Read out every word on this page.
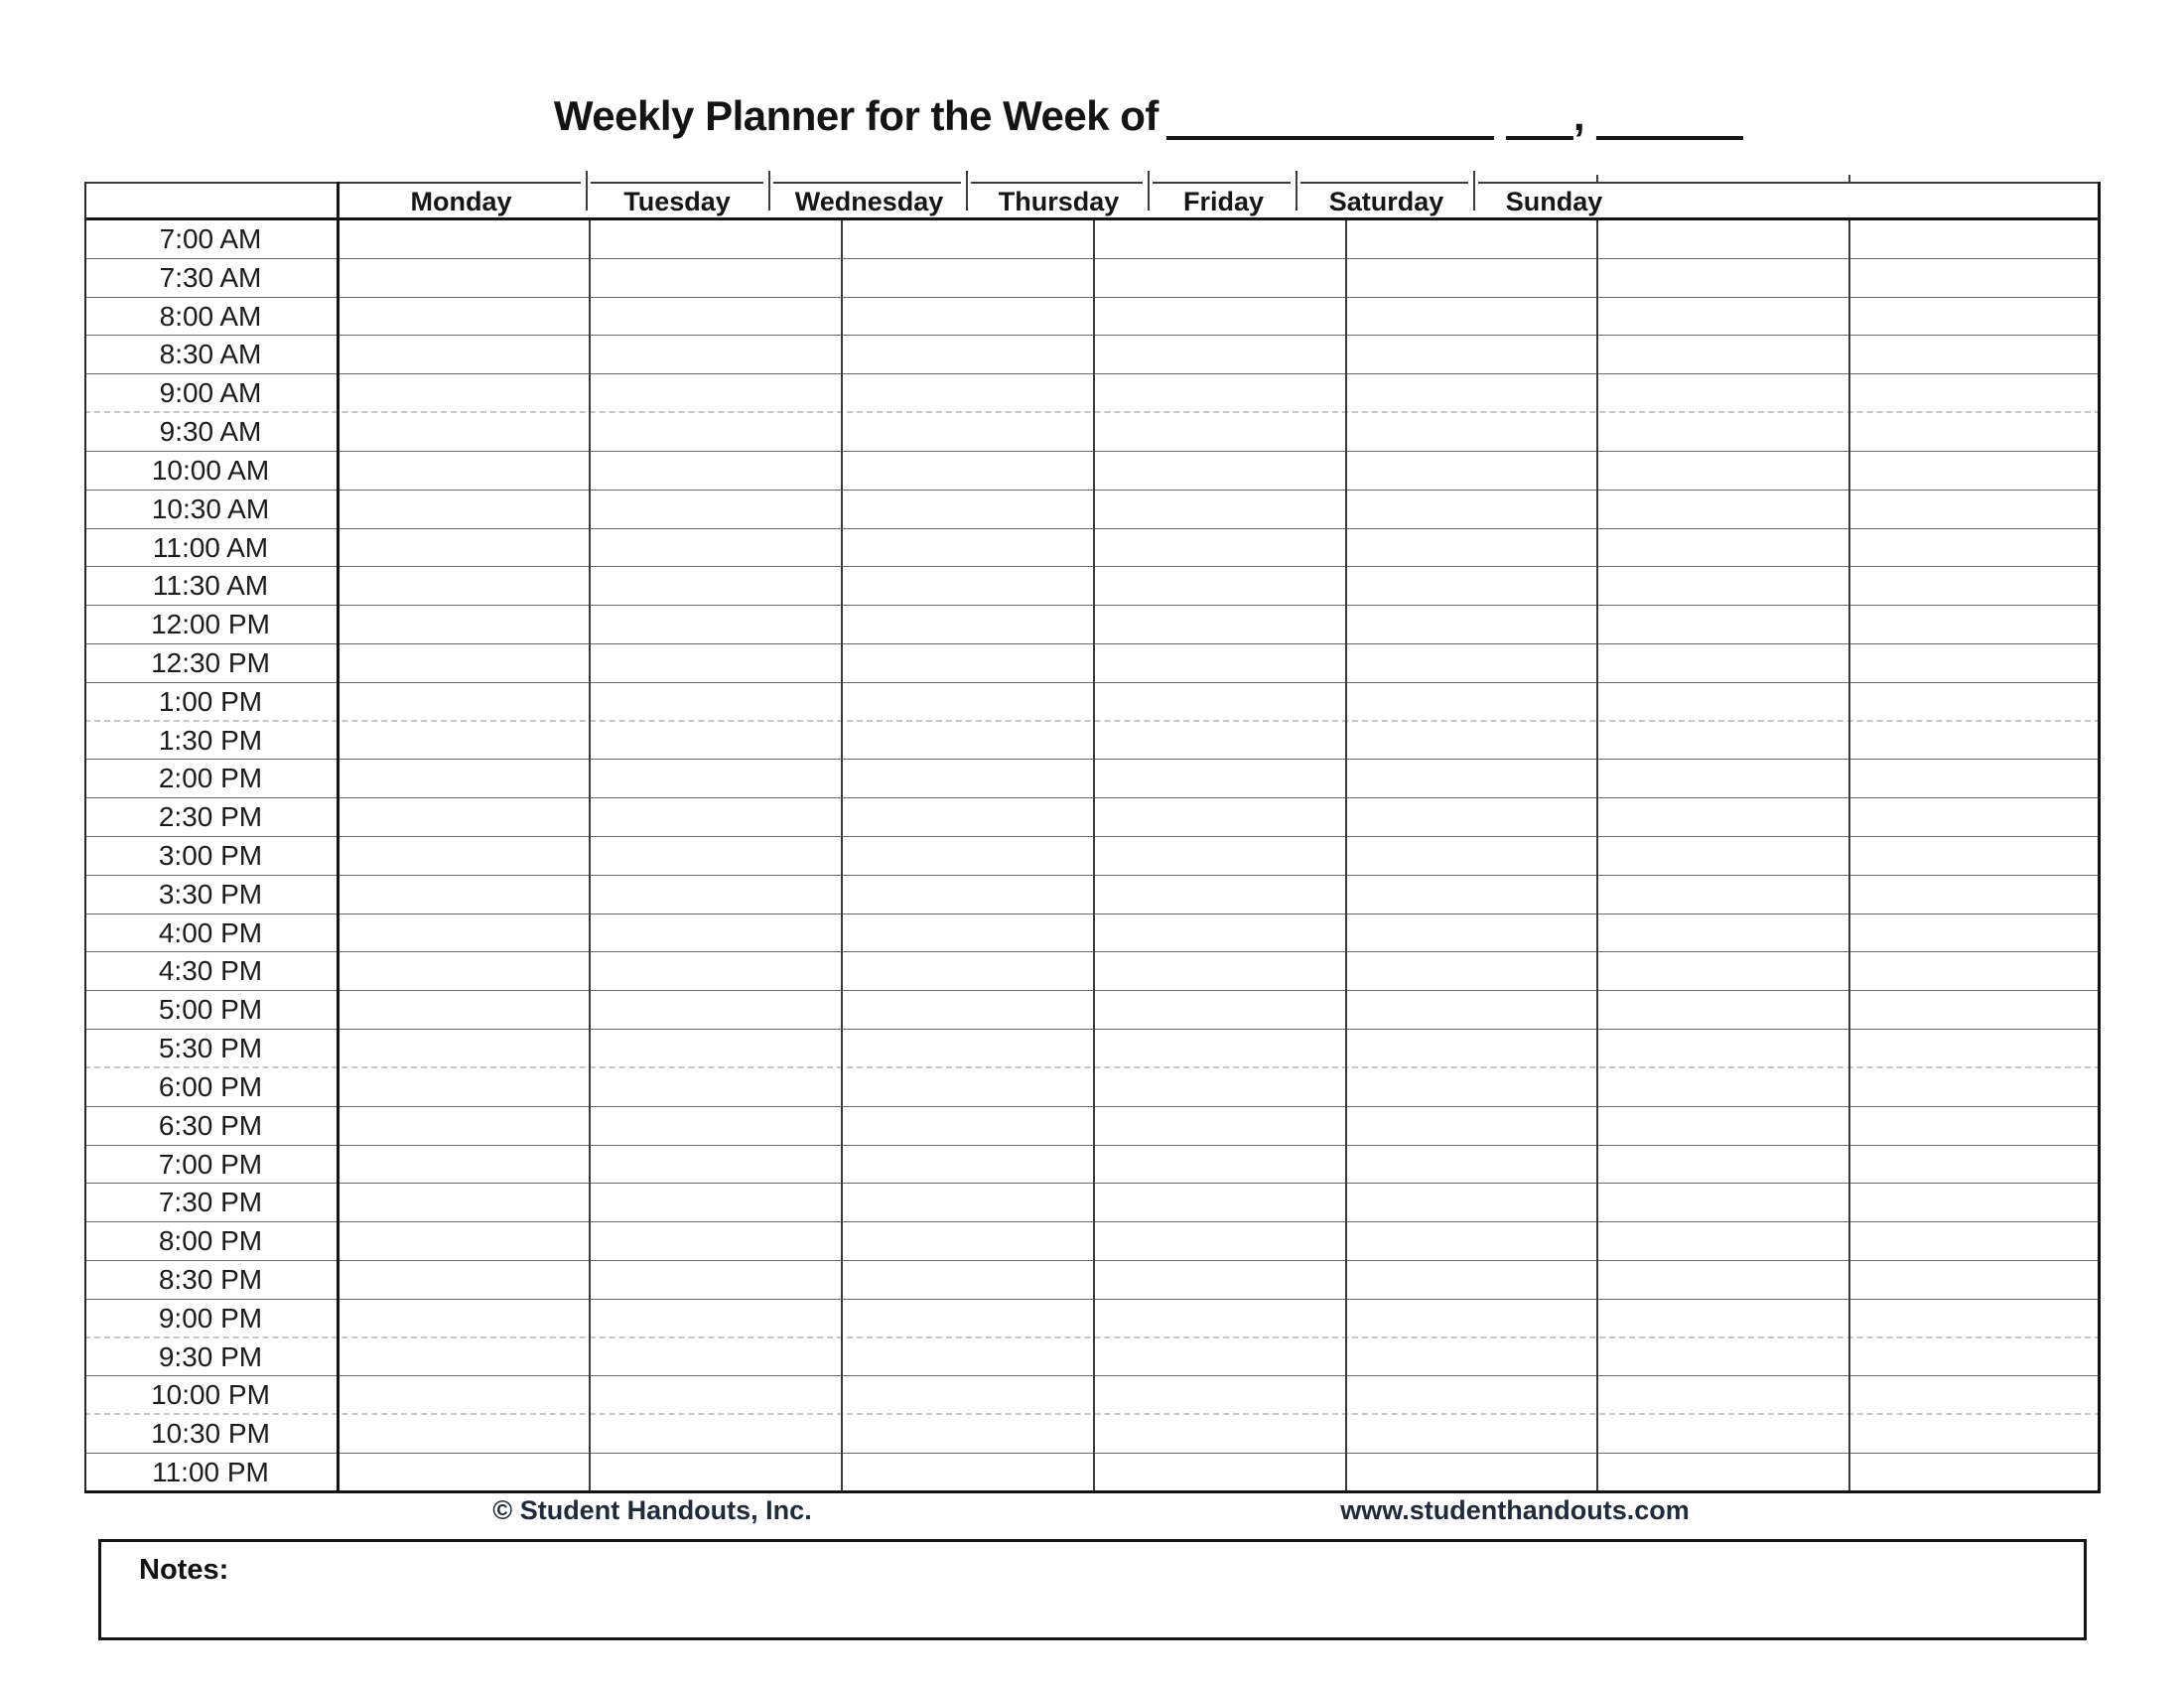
Weekly Planner for the Week of	,
Monday	Tuesday	Wednesday	Thursday	Friday	Saturday	Sunday
7:00 AM
7:30 AM
8:00 AM
8:30 AM
9:00 AM
9:30 AM
10:00 AM
10:30 AM
11:00 AM
11:30 AM
12:00 PM
12:30 PM
1:00 PM
1:30 PM
2:00 PM
2:30 PM
3:00 PM
3:30 PM
4:00 PM
4:30 PM
5:00 PM
5:30 PM
6:00 PM
6:30 PM
7:00 PM
7:30 PM
8:00 PM
8:30 PM
9:00 PM
9:30 PM
10:00 PM
10:30 PM
11:00 PM
© Student Handouts, Inc.	www.studenthandouts.com
Notes:
